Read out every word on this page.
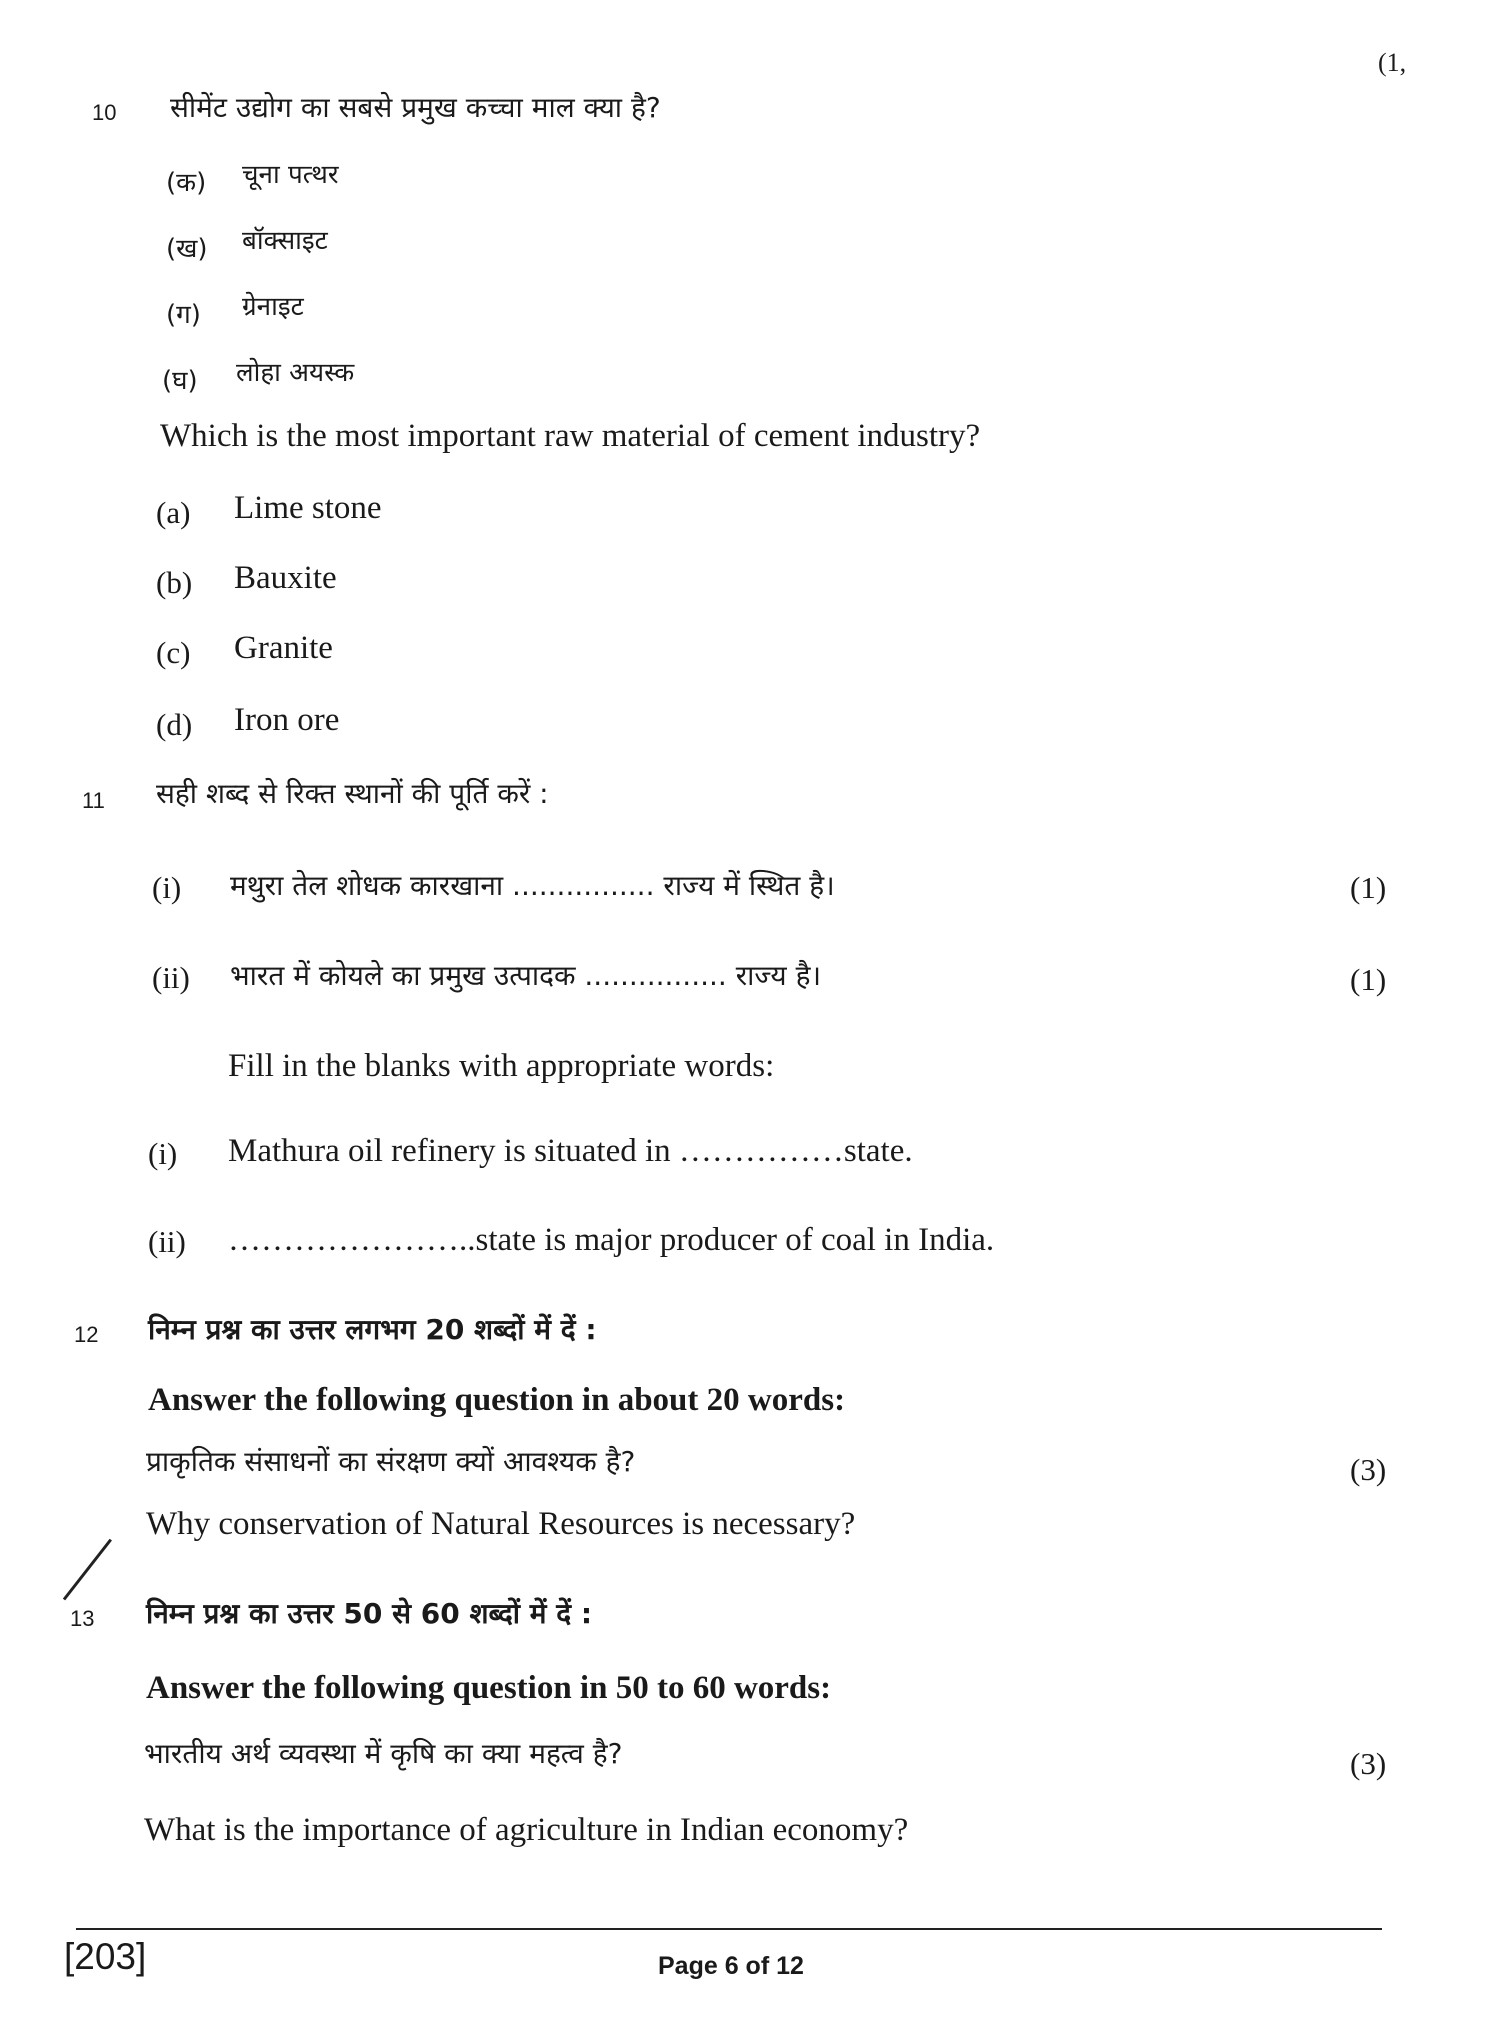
(1,
10 सीमेंट उद्योग का सबसे प्रमुख कच्चा माल क्या है?
(क) चूना पत्थर
(ख) बॉक्साइट
(ग) ग्रेनाइट
(घ) लोहा अयस्क
Which is the most important raw material of cement industry?
(a) Lime stone
(b) Bauxite
(c) Granite
(d) Iron ore
11 सही शब्द से रिक्त स्थानों की पूर्ति करें :
(i) मथुरा तेल शोधक कारखाना ................ राज्य में स्थित है।	(1)
(ii) भारत में कोयले का प्रमुख उत्पादक ................ राज्य है।	(1)
Fill in the blanks with appropriate words:
(i) Mathura oil refinery is situated in ……………state.
(ii) …………………..state is major producer of coal in India.
12 निम्न प्रश्न का उत्तर लगभग 20 शब्दों में दें :
Answer the following question in about 20 words:
प्राकृतिक संसाधनों का संरक्षण क्यों आवश्यक है?	(3)
Why conservation of Natural Resources is necessary?
13 निम्न प्रश्न का उत्तर 50 से 60 शब्दों में दें :
Answer the following question in 50 to 60 words:
भारतीय अर्थ व्यवस्था में कृषि का क्या महत्व है?	(3)
What is the importance of agriculture in Indian economy?
[203]	Page 6 of 12
